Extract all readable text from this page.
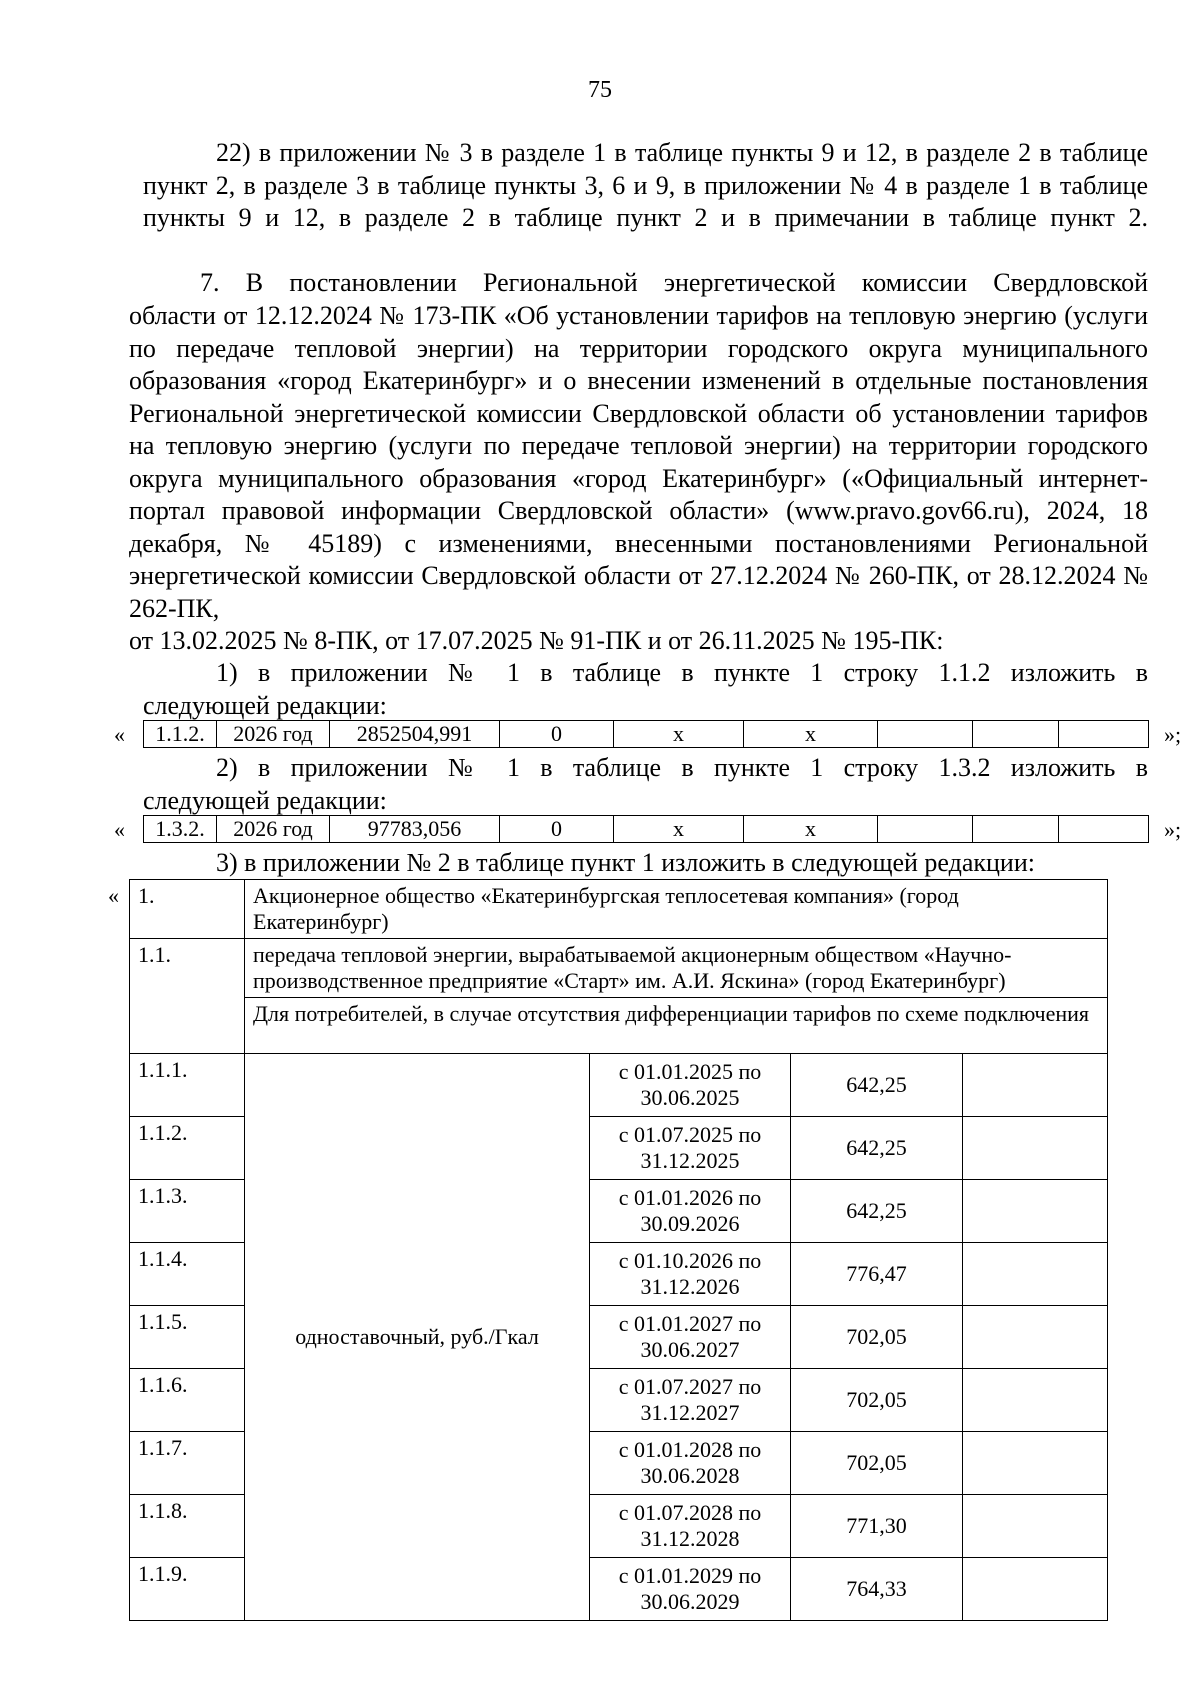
75

22) в приложении № 3 в разделе 1 в таблице пункты 9 и 12, в разделе 2 в таблице пункт 2, в разделе 3 в таблице пункты 3, 6 и 9, в приложении № 4 в разделе 1 в таблице пункты 9 и 12, в разделе 2 в таблице пункт 2 и в примечании в таблице пункт 2.

7. В постановлении Региональной энергетической комиссии Свердловской

области от 12.12.2024 № 173-ПК «Об установлении тарифов на тепловую энергию (услуги по передаче тепловой энергии) на территории городского округа муниципального образования «город Екатеринбург» и о внесении изменений в отдельные постановления Региональной энергетической комиссии Свердловской области об установлении тарифов на тепловую энергию (услуги по передаче тепловой энергии) на территории городского округа муниципального образования «город Екатеринбург» («Официальный интернет-портал правовой информации Свердловской области» (www.pravo.gov66.ru), 2024, 18 декабря, № 45189) с изменениями, внесенными постановлениями Региональной энергетической комиссии Свердловской области от 27.12.2024 № 260-ПК, от 28.12.2024 № 262-ПК,

от 13.02.2025 № 8-ПК, от 17.07.2025 № 91-ПК и от 26.11.2025 № 195-ПК:

1) в приложении № 1 в таблице в пункте 1 строку 1.1.2 изложить в

следующей редакции:

« 1.1.2.	2026 год	2852504,991	0	х	х				»;

2) в приложении № 1 в таблице в пункте 1 строку 1.3.2 изложить в

следующей редакции:

« 1.3.2.	2026 год	97783,056	0	х	х				»;

3) в приложении № 2 в таблице пункт 1 изложить в следующей редакции:

« 1.	Акционерное общество «Екатеринбургская теплосетевая компания» (город Екатеринбург)			
1.1.	передача тепловой энергии, вырабатываемой акционерным обществом «Научно-производственное предприятие «Старт» им. А.И. Яскина» (город Екатеринбург)			
	Для потребителей, в случае отсутствия дифференциации тарифов по схеме подключения			
1.1.1.	одноставочный, руб./Гкал	с 01.01.2025 по
30.06.2025	642,25	
1.1.2.		с 01.07.2025 по
31.12.2025	642,25	
1.1.3.		с 01.01.2026 по
30.09.2026	642,25	
1.1.4.		с 01.10.2026 по
31.12.2026	776,47	
1.1.5.		с 01.01.2027 по
30.06.2027	702,05	
1.1.6.		с 01.07.2027 по
31.12.2027	702,05	
1.1.7.		с 01.01.2028 по
30.06.2028	702,05	
1.1.8.		с 01.07.2028 по
31.12.2028	771,30	
1.1.9.		с 01.01.2029 по
30.06.2029	764,33	
